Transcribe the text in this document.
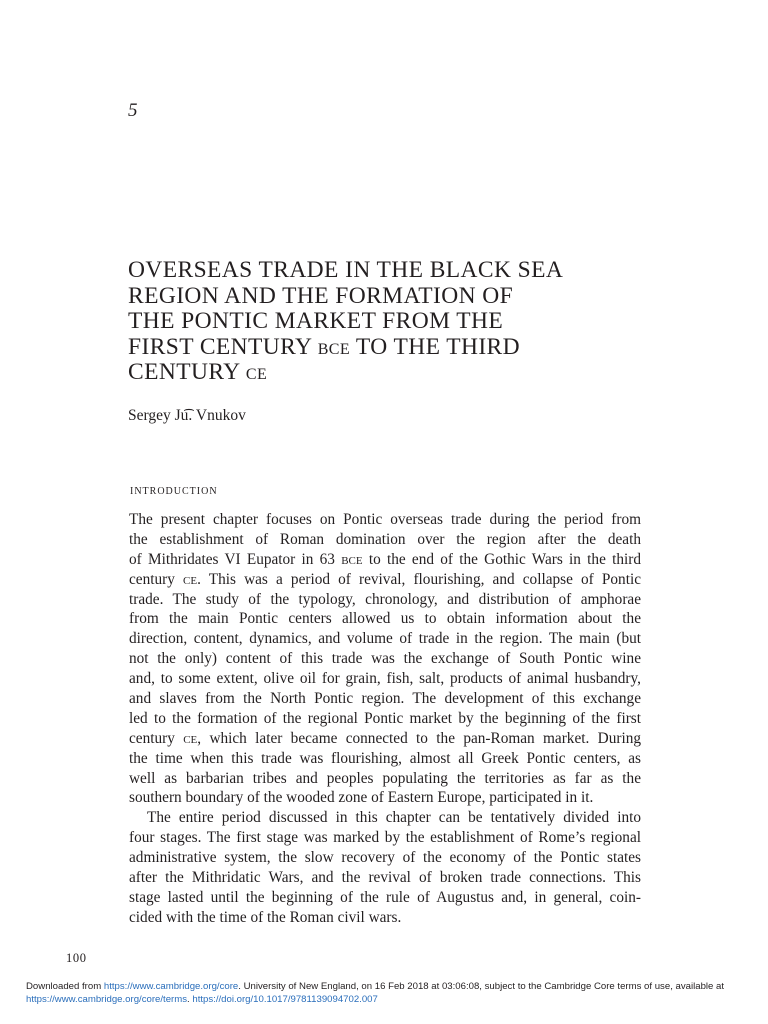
5
OVERSEAS TRADE IN THE BLACK SEA
REGION AND THE FORMATION OF
THE PONTIC MARKET FROM THE
FIRST CENTURY bce TO THE THIRD
CENTURY ce
Sergey Ju͡. Vnukov
introduction
The present chapter focuses on Pontic overseas trade during the period from
the establishment of Roman domination over the region after the death
of Mithridates VI Eupator in 63 bce to the end of the Gothic Wars in the third
century ce. This was a period of revival, flourishing, and collapse of Pontic
trade. The study of the typology, chronology, and distribution of amphorae
from the main Pontic centers allowed us to obtain information about the
direction, content, dynamics, and volume of trade in the region. The main (but
not the only) content of this trade was the exchange of South Pontic wine
and, to some extent, olive oil for grain, fish, salt, products of animal husbandry,
and slaves from the North Pontic region. The development of this exchange
led to the formation of the regional Pontic market by the beginning of the first
century ce, which later became connected to the pan-Roman market. During
the time when this trade was flourishing, almost all Greek Pontic centers, as
well as barbarian tribes and peoples populating the territories as far as the
southern boundary of the wooded zone of Eastern Europe, participated in it.
The entire period discussed in this chapter can be tentatively divided into
four stages. The first stage was marked by the establishment of Rome’s regional
administrative system, the slow recovery of the economy of the Pontic states
after the Mithridatic Wars, and the revival of broken trade connections. This
stage lasted until the beginning of the rule of Augustus and, in general, coin-
cided with the time of the Roman civil wars.
100
Downloaded from https://www.cambridge.org/core. University of New England, on 16 Feb 2018 at 03:06:08, subject to the Cambridge Core terms of use, available at
https://www.cambridge.org/core/terms. https://doi.org/10.1017/9781139094702.007
